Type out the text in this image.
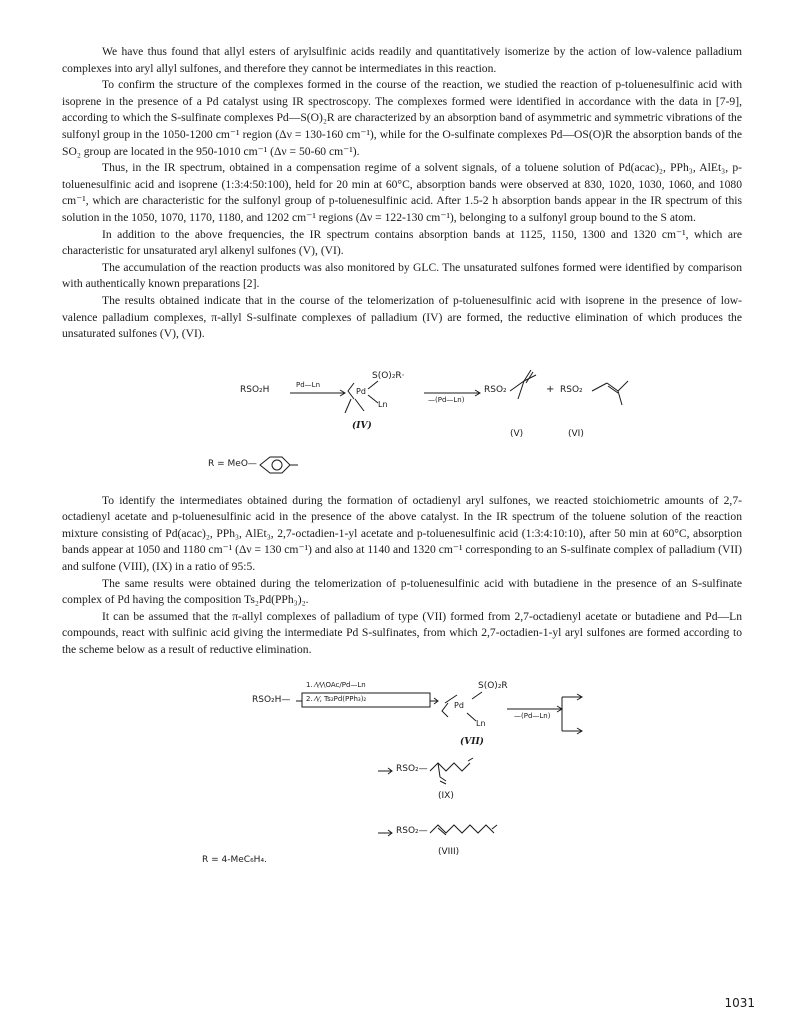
We have thus found that allyl esters of arylsulfinic acids readily and quantitatively isomerize by the action of low-valence palladium complexes into aryl allyl sulfones, and therefore they cannot be intermediates in this reaction.

To confirm the structure of the complexes formed in the course of the reaction, we studied the reaction of p-toluenesulfinic acid with isoprene in the presence of a Pd catalyst using IR spectroscopy. The complexes formed were identified in accordance with the data in [7-9], according to which the S-sulfinate complexes Pd—S(O)₂R are characterized by an absorption band of asymmetric and symmetric vibrations of the sulfonyl group in the 1050-1200 cm⁻¹ region (Δν = 130-160 cm⁻¹), while for the O-sulfinate complexes Pd—OS(O)R the absorption bands of the SO₂ group are located in the 950-1010 cm⁻¹ (Δν = 50-60 cm⁻¹).

Thus, in the IR spectrum, obtained in a compensation regime of a solvent signals, of a toluene solution of Pd(acac)₂, PPh₃, AlEt₃, p-toluenesulfinic acid and isoprene (1:3:4:50:100), held for 20 min at 60°C, absorption bands were observed at 830, 1020, 1030, 1060, and 1080 cm⁻¹, which are characteristic for the sulfonyl group of p-toluenesulfinic acid. After 1.5-2 h absorption bands appear in the IR spectrum of this solution in the 1050, 1070, 1170, 1180, and 1202 cm⁻¹ regions (Δν = 122-130 cm⁻¹), belonging to a sulfonyl group bound to the S atom.

In addition to the above frequencies, the IR spectrum contains absorption bands at 1125, 1150, 1300 and 1320 cm⁻¹, which are characteristic for unsaturated aryl alkenyl sulfones (V), (VI).

The accumulation of the reaction products was also monitored by GLC. The unsaturated sulfones formed were identified by comparison with authentically known preparations [2].

The results obtained indicate that in the course of the telomerization of p-toluenesulfinic acid with isoprene in the presence of low-valence palladium complexes, π-allyl S-sulfinate complexes of palladium (IV) are formed, the reductive elimination of which produces the unsaturated sulfones (V), (VI).

RSO₂H	Pd—Ln
S(O)₂R·
Pd
Ln
(IV)
—(Pd—Ln)
RSO₂	+ RSO₂
(V)	(VI)
R = MeO—

To identify the intermediates obtained during the formation of octadienyl aryl sulfones, we reacted stoichiometric amounts of 2,7-octadienyl acetate and p-toluenesulfinic acid in the presence of the above catalyst. In the IR spectrum of the toluene solution of the reaction mixture consisting of Pd(acac)₂, PPh₃, AlEt₃, 2,7-octadien-1-yl acetate and p-toluenesulfinic acid (1:3:4:10:10), after 50 min at 60°C, absorption bands appear at 1050 and 1180 cm⁻¹ (Δν = 130 cm⁻¹) and also at 1140 and 1320 cm⁻¹ corresponding to an S-sulfinate complex of palladium (VII) and sulfone (VIII), (IX) in a ratio of 95:5.

The same results were obtained during the telomerization of p-toluenesulfinic acid with butadiene in the presence of an S-sulfinate complex of Pd having the composition Ts₂Pd(PPh₃)₂.

It can be assumed that the π-allyl complexes of palladium of type (VII) formed from 2,7-octadienyl acetate or butadiene and Pd—Ln compounds, react with sulfinic acid giving the intermediate Pd S-sulfinates, from which 2,7-octadien-1-yl aryl sulfones are formed according to the scheme below as a result of reductive elimination.

RSO₂H—
1. ⁄\⁄\⁄\OAc/Pd—Ln
2. ⁄\⁄, Ts₂Pd(PPh₃)₂
S(O)₂R
Pd
Ln
(VII)
—(Pd—Ln)
RSO₂—
(IX)
RSO₂—
(VIII)
R = 4-MeC₆H₄.
1031
